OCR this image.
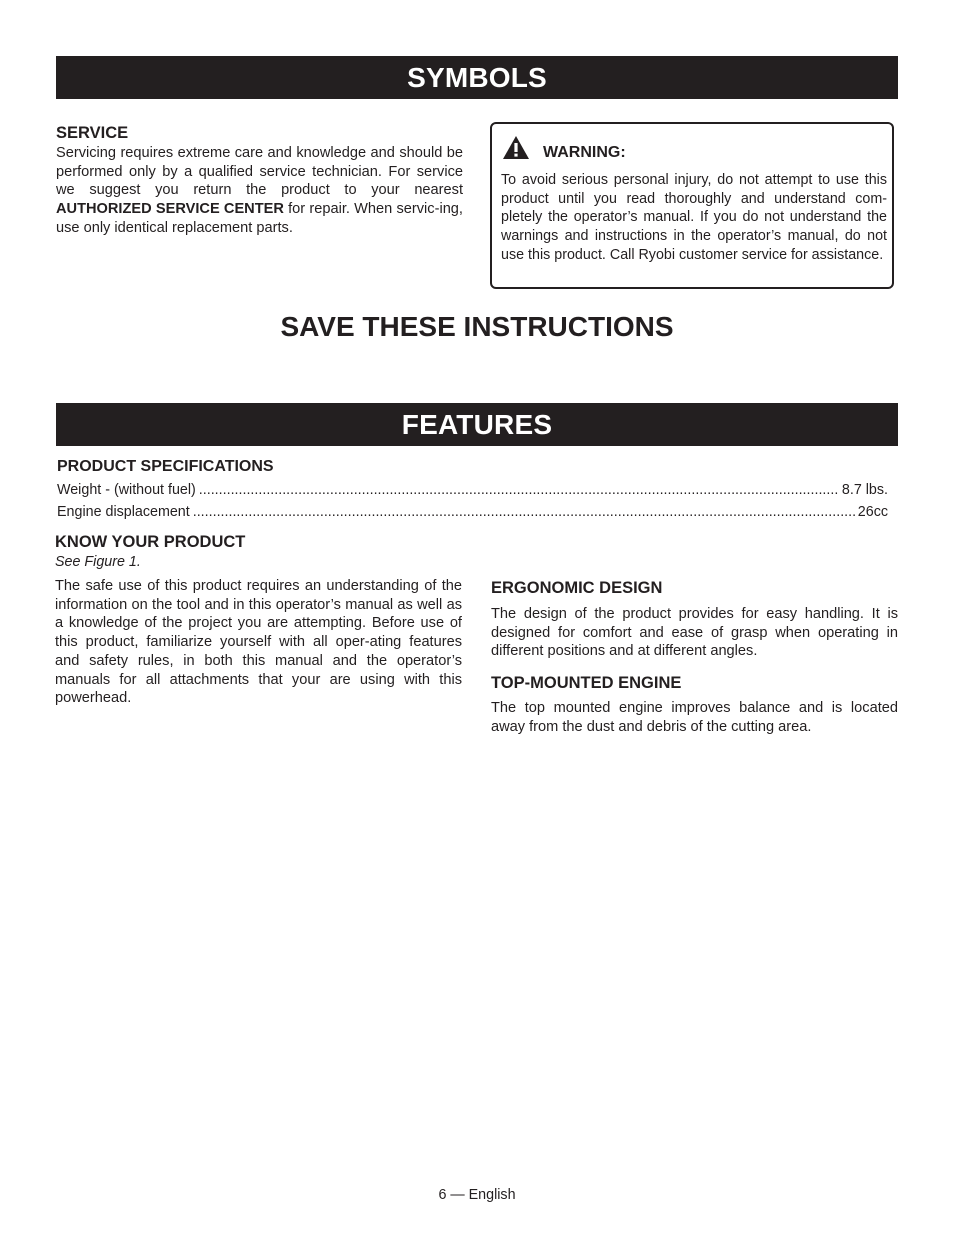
SYMBOLS
SERVICE

Servicing requires extreme care and knowledge and should be performed only by a qualified service technician. For service we suggest you return the product to your nearest AUTHORIZED SERVICE CENTER for repair. When servic-ing, use only identical replacement parts.

WARNING:

To avoid serious personal injury, do not attempt to use this product until you read thoroughly and understand com-pletely the operator’s manual. If you do not understand the warnings and instructions in the operator’s manual, do not use this product. Call Ryobi customer service for assistance.

SAVE THESE INSTRUCTIONS
FEATURES
PRODUCT SPECIFICATIONS
Weight - (without fuel) .....	8.7 lbs.
Engine displacement .....	26cc
KNOW YOUR PRODUCT
See Figure 1.

The safe use of this product requires an understanding of the information on the tool and in this operator’s manual as well as a knowledge of the project you are attempting. Before use of this product, familiarize yourself with all oper-ating features and safety rules, in both this manual and the operator’s manuals for all attachments that your are using with this powerhead.

ERGONOMIC DESIGN

The design of the product provides for easy handling. It is designed for comfort and ease of grasp when operating in different positions and at different angles.

TOP-MOUNTED ENGINE

The top mounted engine improves balance and is located away from the dust and debris of the cutting area.

6 — English
